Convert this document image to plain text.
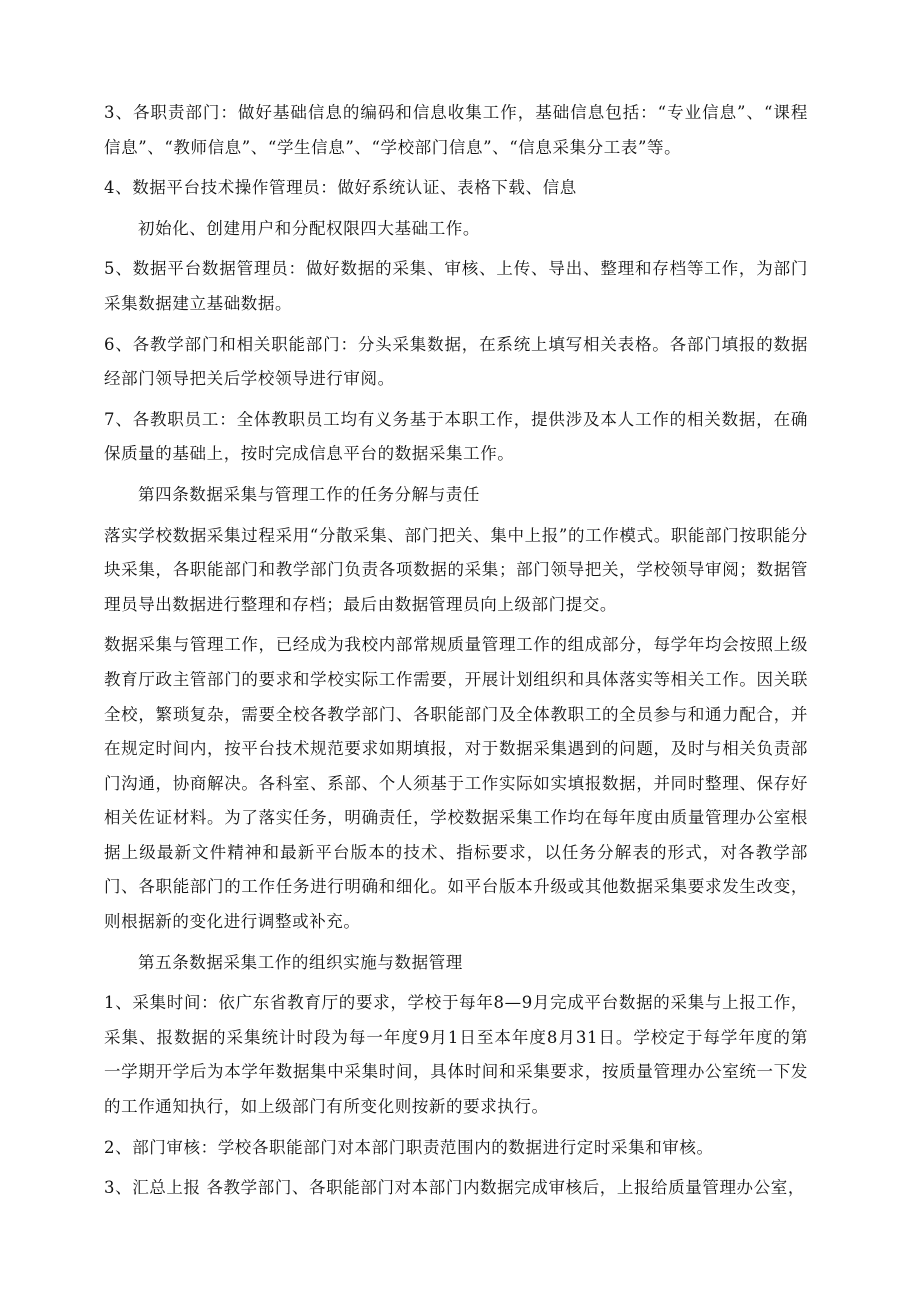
3、各职责部门：做好基础信息的编码和信息收集工作，基础信息包括：“专业信息”、“课程信息”、“教师信息”、“学生信息”、“学校部门信息”、“信息采集分工表”等。

4、数据平台技术操作管理员：做好系统认证、表格下载、信息

初始化、创建用户和分配权限四大基础工作。

5、数据平台数据管理员：做好数据的采集、审核、上传、导出、整理和存档等工作，为部门采集数据建立基础数据。

6、各教学部门和相关职能部门：分头采集数据，在系统上填写相关表格。各部门填报的数据经部门领导把关后学校领导进行审阅。

7、各教职员工：全体教职员工均有义务基于本职工作，提供涉及本人工作的相关数据，在确保质量的基础上，按时完成信息平台的数据采集工作。

第四条数据采集与管理工作的任务分解与责任

落实学校数据采集过程采用“分散采集、部门把关、集中上报”的工作模式。职能部门按职能分块采集，各职能部门和教学部门负责各项数据的采集；部门领导把关，学校领导审阅；数据管理员导出数据进行整理和存档；最后由数据管理员向上级部门提交。

数据采集与管理工作，已经成为我校内部常规质量管理工作的组成部分，每学年均会按照上级教育厅政主管部门的要求和学校实际工作需要，开展计划组织和具体落实等相关工作。因关联全校，繁琐复杂，需要全校各教学部门、各职能部门及全体教职工的全员参与和通力配合，并在规定时间内，按平台技术规范要求如期填报，对于数据采集遇到的问题，及时与相关负责部门沟通，协商解决。各科室、系部、个人须基于工作实际如实填报数据，并同时整理、保存好相关佐证材料。为了落实任务，明确责任，学校数据采集工作均在每年度由质量管理办公室根据上级最新文件精神和最新平台版本的技术、指标要求，以任务分解表的形式，对各教学部门、各职能部门的工作任务进行明确和细化。如平台版本升级或其他数据采集要求发生改变，则根据新的变化进行调整或补充。

第五条数据采集工作的组织实施与数据管理

1、采集时间：依广东省教育厅的要求，学校于每年8—9月完成平台数据的采集与上报工作，采集、报数据的采集统计时段为每一年度9月1日至本年度8月31日。学校定于每学年度的第一学期开学后为本学年数据集中采集时间，具体时间和采集要求，按质量管理办公室统一下发的工作通知执行，如上级部门有所变化则按新的要求执行。

2、部门审核：学校各职能部门对本部门职责范围内的数据进行定时采集和审核。

3、汇总上报 各教学部门、各职能部门对本部门内数据完成审核后，上报给质量管理办公室，
